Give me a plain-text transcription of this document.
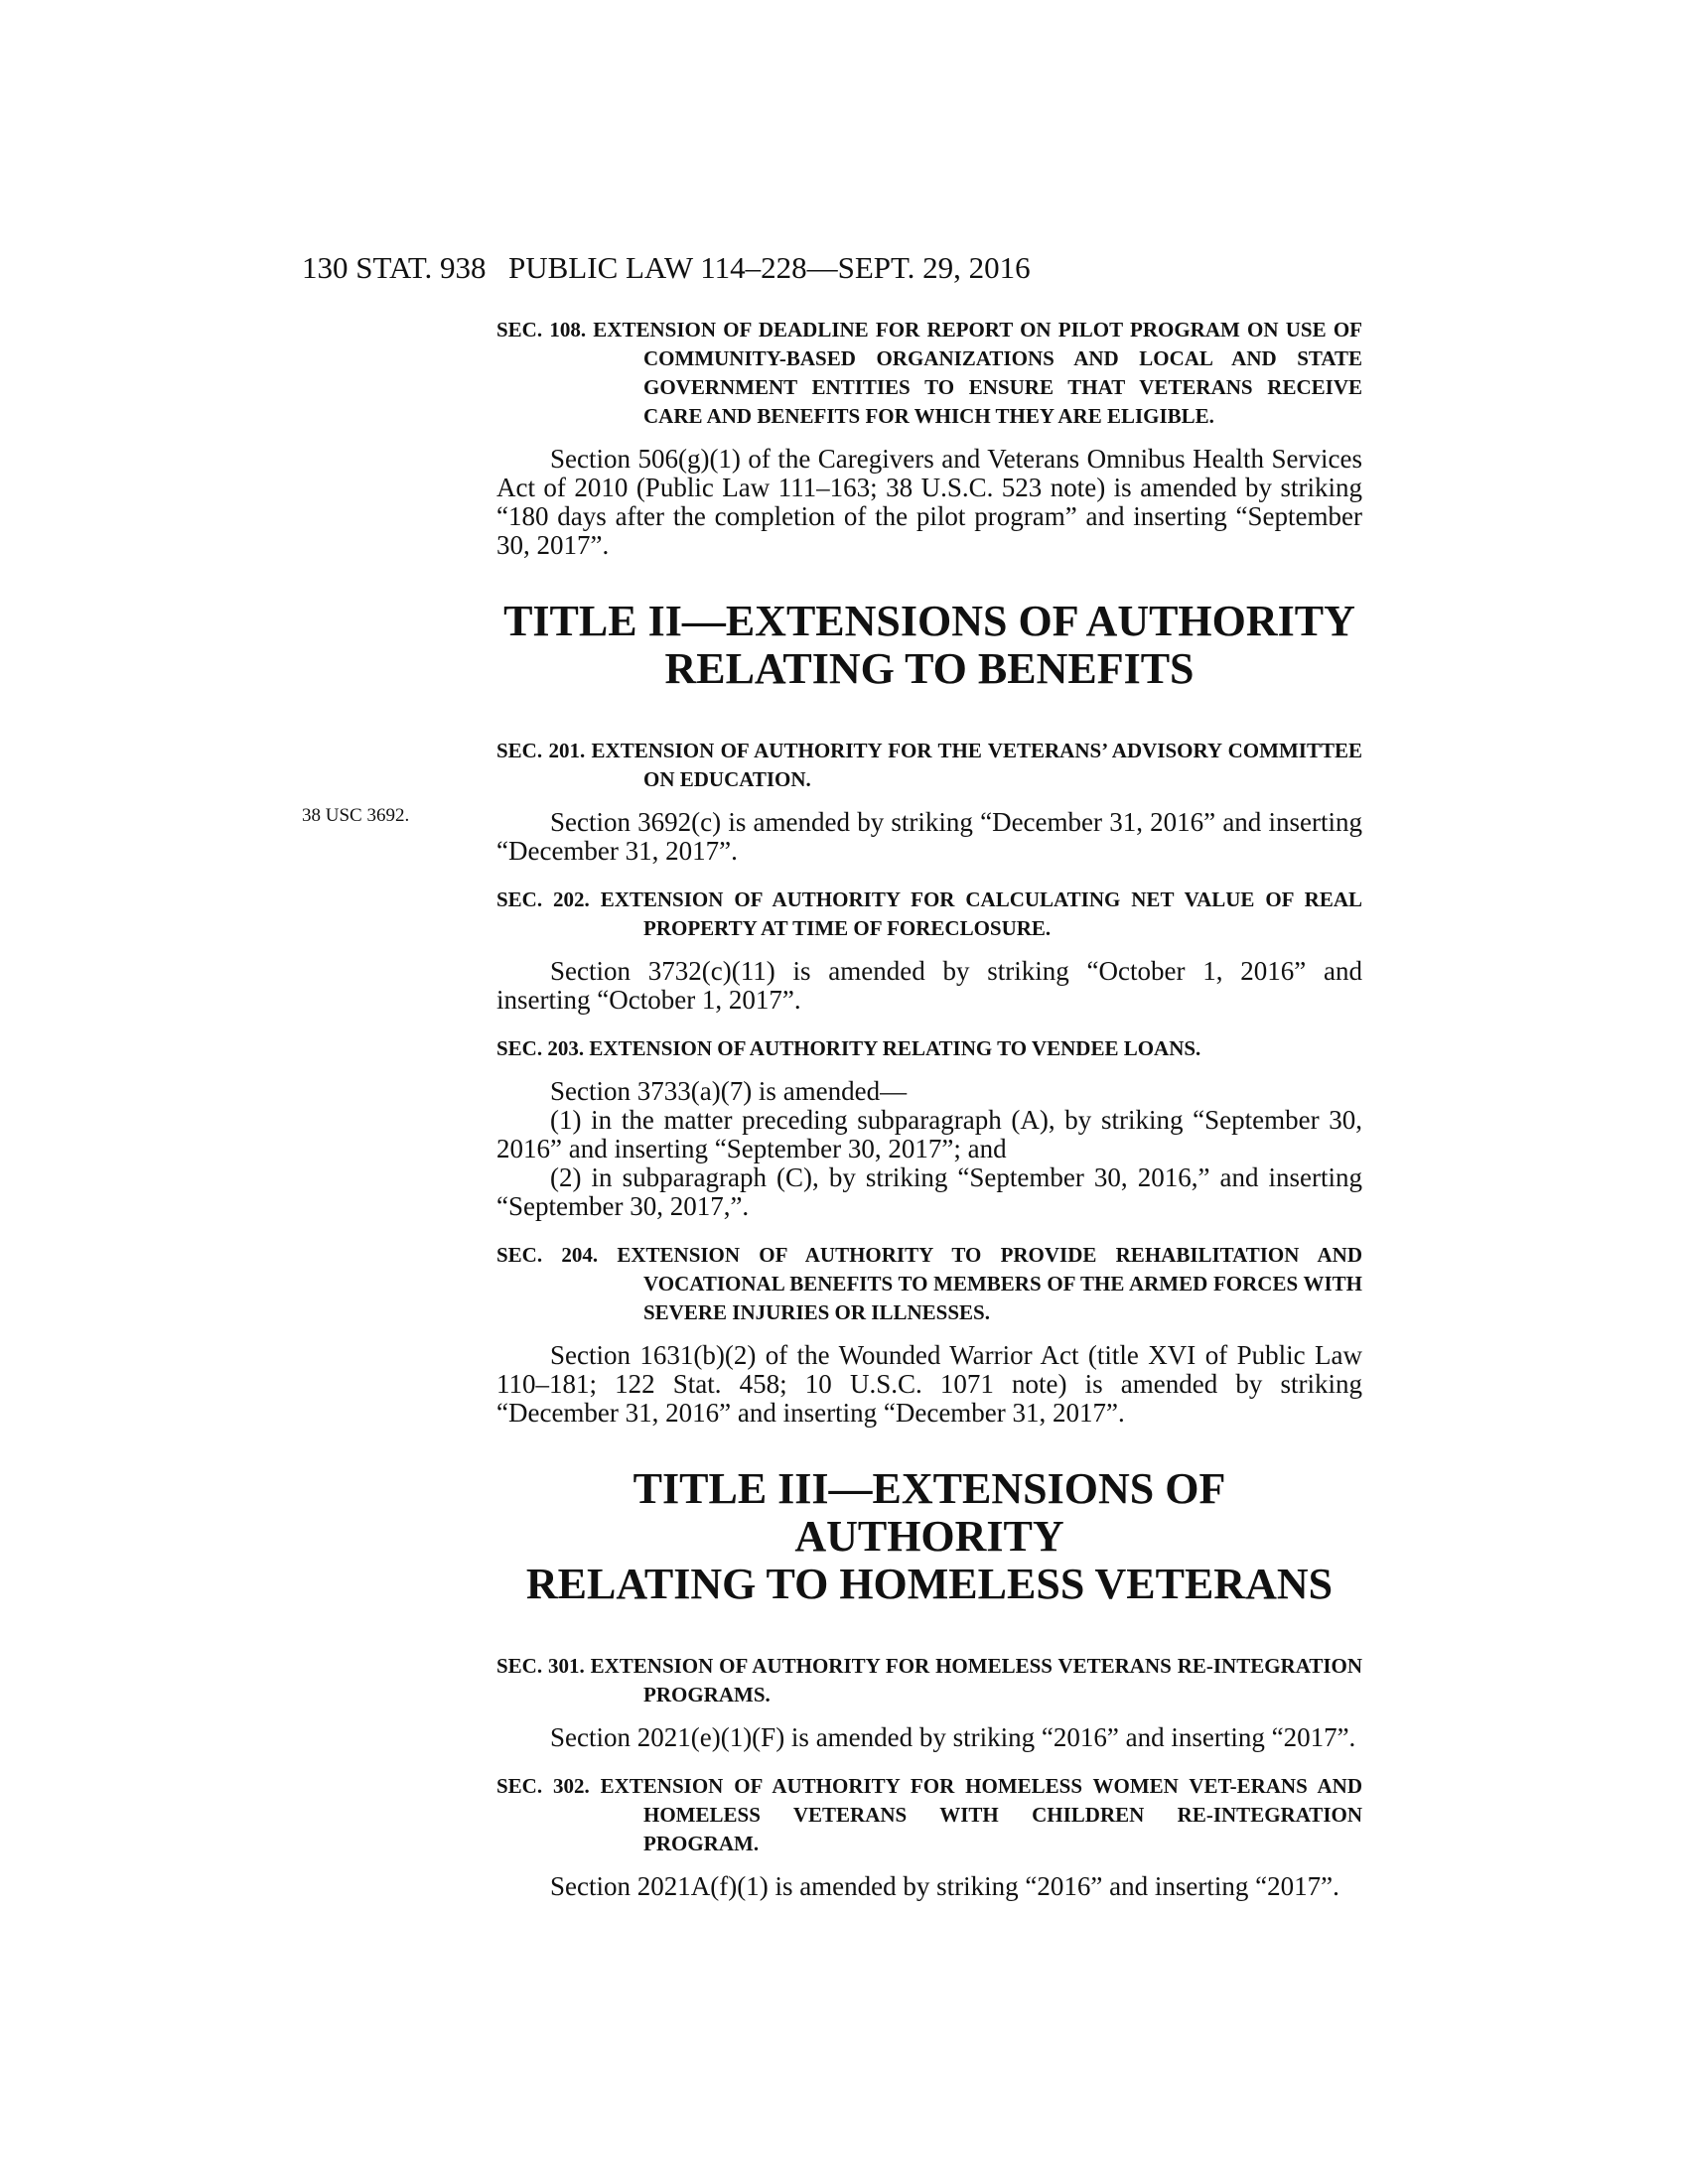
130 STAT. 938 PUBLIC LAW 114–228—SEPT. 29, 2016
38 USC 3692.

SEC. 108. EXTENSION OF DEADLINE FOR REPORT ON PILOT PROGRAM ON USE OF COMMUNITY-BASED ORGANIZATIONS AND LOCAL AND STATE GOVERNMENT ENTITIES TO ENSURE THAT VETERANS RECEIVE CARE AND BENEFITS FOR WHICH THEY ARE ELIGIBLE.

Section 506(g)(1) of the Caregivers and Veterans Omnibus Health Services Act of 2010 (Public Law 111–163; 38 U.S.C. 523 note) is amended by striking “180 days after the completion of the pilot program” and inserting “September 30, 2017”.

TITLE II—EXTENSIONS OF AUTHORITY

RELATING TO BENEFITS

SEC. 201. EXTENSION OF AUTHORITY FOR THE VETERANS’ ADVISORY COMMITTEE ON EDUCATION.

Section 3692(c) is amended by striking “December 31, 2016” and inserting “December 31, 2017”.

SEC. 202. EXTENSION OF AUTHORITY FOR CALCULATING NET VALUE OF REAL PROPERTY AT TIME OF FORECLOSURE.

Section 3732(c)(11) is amended by striking “October 1, 2016” and inserting “October 1, 2017”.

SEC. 203. EXTENSION OF AUTHORITY RELATING TO VENDEE LOANS.

Section 3733(a)(7) is amended—

(1) in the matter preceding subparagraph (A), by striking “September 30, 2016” and inserting “September 30, 2017”; and

(2) in subparagraph (C), by striking “September 30, 2016,” and inserting “September 30, 2017,”.

SEC. 204. EXTENSION OF AUTHORITY TO PROVIDE REHABILITATION AND VOCATIONAL BENEFITS TO MEMBERS OF THE ARMED FORCES WITH SEVERE INJURIES OR ILLNESSES.

Section 1631(b)(2) of the Wounded Warrior Act (title XVI of Public Law 110–181; 122 Stat. 458; 10 U.S.C. 1071 note) is amended by striking “December 31, 2016” and inserting “December 31, 2017”.

TITLE III—EXTENSIONS OF AUTHORITY

RELATING TO HOMELESS VETERANS

SEC. 301. EXTENSION OF AUTHORITY FOR HOMELESS VETERANS RE-INTEGRATION PROGRAMS.

Section 2021(e)(1)(F) is amended by striking “2016” and inserting “2017”.

SEC. 302. EXTENSION OF AUTHORITY FOR HOMELESS WOMEN VET-ERANS AND HOMELESS VETERANS WITH CHILDREN RE-INTEGRATION PROGRAM.

Section 2021A(f)(1) is amended by striking “2016” and inserting “2017”.
